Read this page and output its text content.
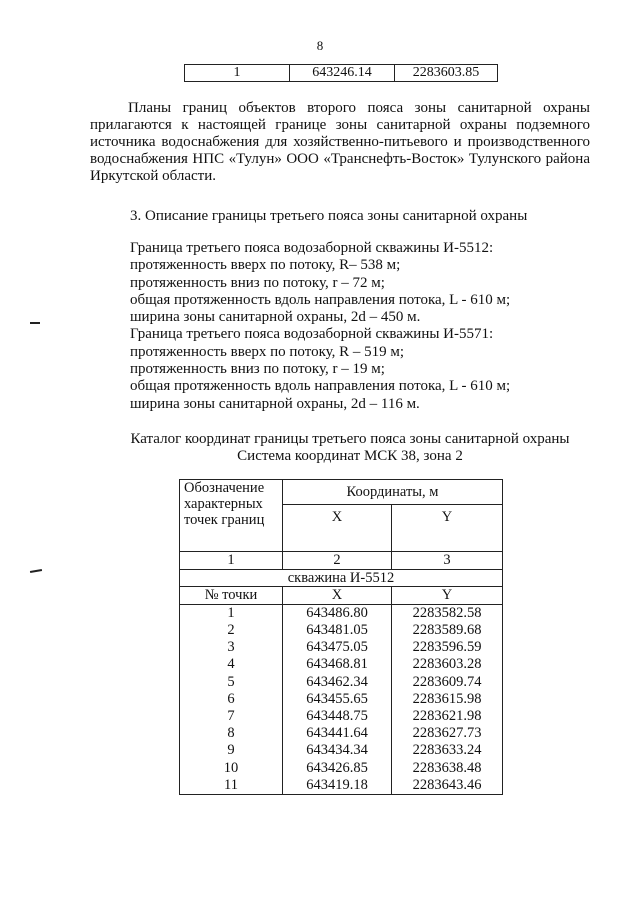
8
1	643246.14	2283603.85
Планы границ объектов второго пояса зоны санитарной охраны прилагаются к настоящей границе зоны санитарной охраны подземного источника водоснабжения для хозяйственно-питьевого и производственного водоснабжения НПС «Тулун» ООО «Транснефть-Восток» Тулунского района Иркутской области.
3. Описание границы третьего пояса зоны санитарной охраны
Граница третьего пояса водозаборной скважины И-5512:
протяженность вверх по потоку, R– 538 м;
протяженность вниз по потоку, r – 72 м;
общая протяженность вдоль направления потока, L - 610 м;
ширина зоны санитарной охраны, 2d – 450 м.
Граница третьего пояса водозаборной скважины И-5571:
протяженность вверх по потоку, R – 519 м;
протяженность вниз по потоку, r – 19 м;
общая протяженность вдоль направления потока, L - 610 м;
ширина зоны санитарной охраны, 2d – 116 м.
Каталог координат границы третьего пояса зоны санитарной охраны
Система координат МСК 38, зона 2
Обозначение характерных точек границ	Координаты, м	
	X	Y
1	2	3
скважина И-5512		
№ точки	X	Y
1	643486.80	2283582.58
2	643481.05	2283589.68
3	643475.05	2283596.59
4	643468.81	2283603.28
5	643462.34	2283609.74
6	643455.65	2283615.98
7	643448.75	2283621.98
8	643441.64	2283627.73
9	643434.34	2283633.24
10	643426.85	2283638.48
11	643419.18	2283643.46
